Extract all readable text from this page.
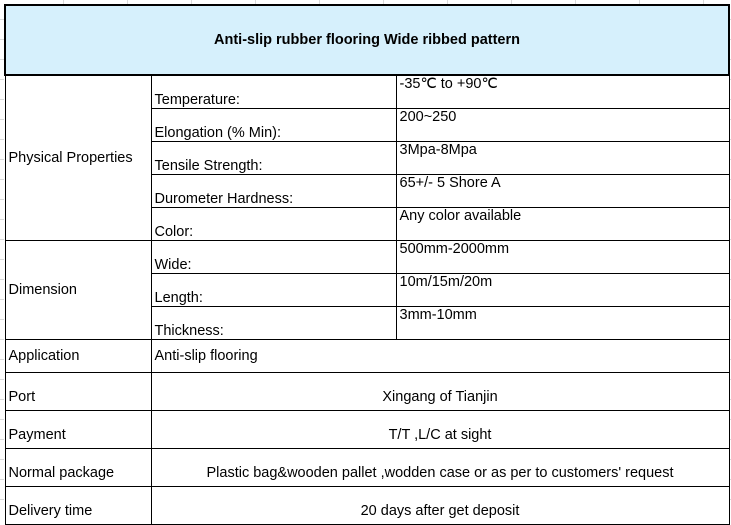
Anti-slip rubber flooring Wide ribbed pattern		
Physical Properties	Temperature:	-35℃ to +90℃
	Elongation (% Min):	200~250
	Tensile Strength:	3Mpa-8Mpa
	Durometer Hardness:	65+/- 5 Shore A
	Color:	Any color available
Dimension	Wide:	500mm-2000mm
	Length:	10m/15m/20m
	Thickness:	3mm-10mm
Application	Anti-slip flooring	
Port	Xingang of Tianjin	
Payment	T/T ,L/C at sight	
Normal package	Plastic bag&wooden pallet ,wodden case or as per to customers' request	
Delivery time	20 days after get deposit	
